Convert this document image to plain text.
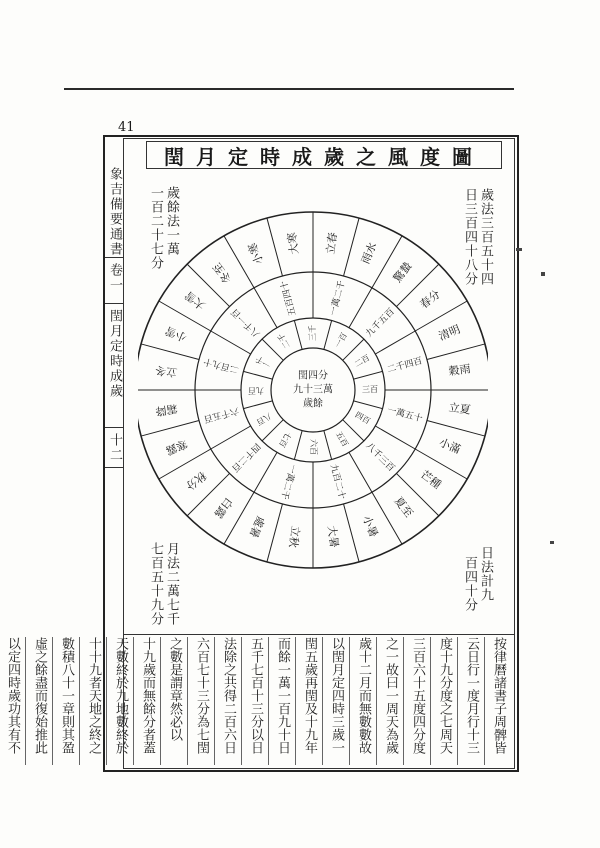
41
象吉備要通書
卷一
閏月定時成歲
十二
閏月定時成歲之風度圖
歲法三百五十四
日三百四十八分
歲餘法一萬
一百二十七分
日法計九
百四十分
月法二萬七千
七百五十九分
立春 雨水
驚蟄
春分
清明
穀雨
立夏
小滿
芒種
夏至
小暑
大暑
立秋
處暑
白露
秋分
寒露
霜降
立冬
小雪
大雪
冬至
小寒 大寒
一萬二千
九千五百
二千四百
一萬五十
八千三百
九百二十
一萬二千
四千二百
六千五百
二百九十
八千一百
五百四十
一百
二百
三百
四百
五百
六百
七百
八百
九百
一千
二千 三千
閏四分
九十三萬
歲餘
按律曆諸書子周髀皆
云日行一度月行十三
度十九分度之七周天
三百六十五度四分度
之一故曰一周天為歲
歲十二月而無數數故
以閏月定四時三歲一
閏五歲再閏及十九年
而餘一萬一百九十日
五千七百十三分以日
法除之共得二百六日
六百七十三分為七閏
之數是謂章然必以
十九歲而無餘分者蓋
天數終於九地數終於
十十九者天地之終之
數積八十一章則其盈
虛之餘盡而復始推此
以定四時歲功其有不
